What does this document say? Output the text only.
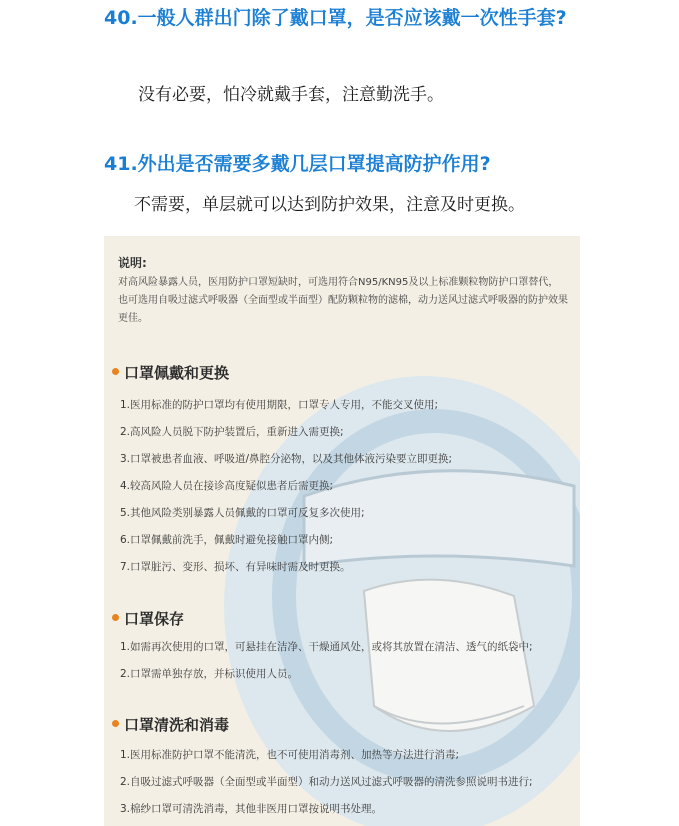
40.一般人群出门除了戴口罩，是否应该戴一次性手套?
没有必要，怕冷就戴手套，注意勤洗手。
41.外出是否需要多戴几层口罩提高防护作用?
不需要，单层就可以达到防护效果，注意及时更换。
说明:
对高风险暴露人员，医用防护口罩短缺时，可选用符合N95/KN95及以上标准颗粒物防护口罩替代，也可选用自吸过滤式呼吸器（全面型或半面型）配防颗粒物的滤棉，动力送风过滤式呼吸器的防护效果更佳。
口罩佩戴和更换
1.医用标准的防护口罩均有使用期限，口罩专人专用，不能交叉使用;
2.高风险人员脱下防护装置后，重新进入需更换;
3.口罩被患者血液、呼吸道/鼻腔分泌物，以及其他体液污染要立即更换;
4.较高风险人员在接诊高度疑似患者后需更换;
5.其他风险类别暴露人员佩戴的口罩可反复多次使用;
6.口罩佩戴前洗手，佩戴时避免接触口罩内侧;
7.口罩脏污、变形、损坏、有异味时需及时更换。
口罩保存
1.如需再次使用的口罩，可悬挂在洁净、干燥通风处，或将其放置在清洁、透气的纸袋中;
2.口罩需单独存放，并标识使用人员。
口罩清洗和消毒
1.医用标准防护口罩不能清洗，也不可使用消毒剂、加热等方法进行消毒;
2.自吸过滤式呼吸器（全面型或半面型）和动力送风过滤式呼吸器的清洗参照说明书进行;
3.棉纱口罩可清洗消毒，其他非医用口罩按说明书处理。
